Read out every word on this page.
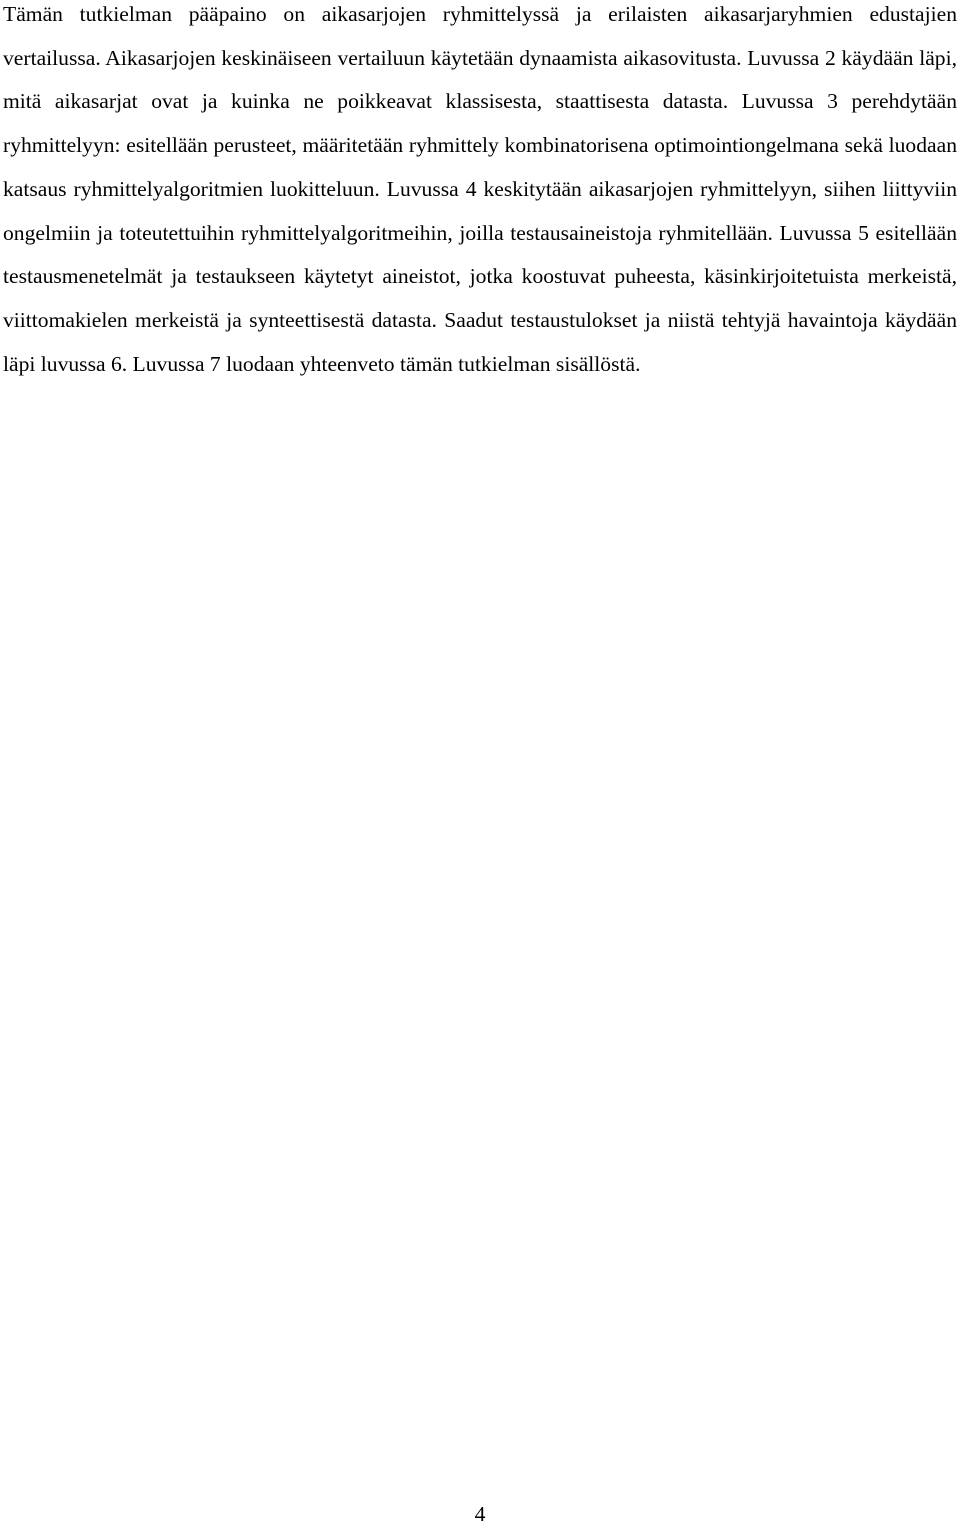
Tämän tutkielman pääpaino on aikasarjojen ryhmittelyssä ja erilaisten aikasarjaryhmien edustajien vertailussa. Aikasarjojen keskinäiseen vertailuun käytetään dynaamista aikasovitusta. Luvussa 2 käydään läpi, mitä aikasarjat ovat ja kuinka ne poikkeavat klassisesta, staattisesta datasta. Luvussa 3 perehdytään ryhmittelyyn: esitellään perusteet, määritetään ryhmittely kombinatorisena optimointiongelmana sekä luodaan katsaus ryhmittelyalgoritmien luokitteluun. Luvussa 4 keskitytään aikasarjojen ryhmittelyyn, siihen liittyviin ongelmiin ja toteutettuihin ryhmittelyalgoritmeihin, joilla testausaineistoja ryhmitellään. Luvussa 5 esitellään testausmenetelmät ja testaukseen käytetyt aineistot, jotka koostuvat puheesta, käsinkirjoitetuista merkeistä, viittomakielen merkeistä ja synteettisestä datasta. Saadut testaustulokset ja niistä tehtyjä havaintoja käydään läpi luvussa 6. Luvussa 7 luodaan yhteenveto tämän tutkielman sisällöstä.

4
